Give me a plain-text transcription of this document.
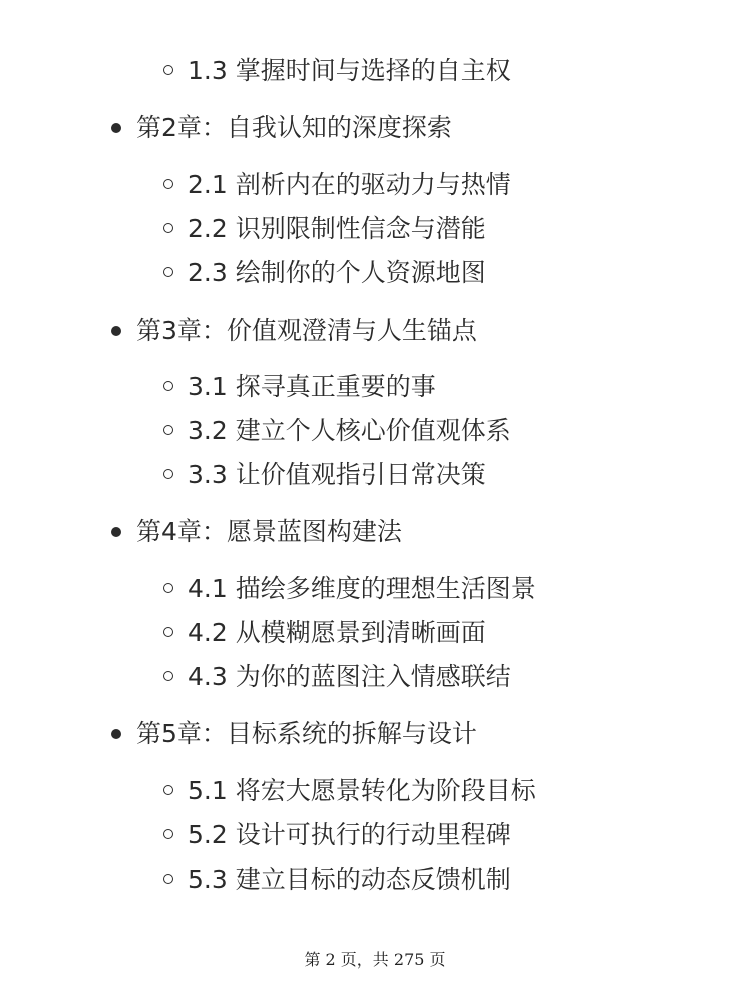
1.3 掌握时间与选择的自主权
第2章：自我认知的深度探索
2.1 剖析内在的驱动力与热情
2.2 识别限制性信念与潜能
2.3 绘制你的个人资源地图
第3章：价值观澄清与人生锚点
3.1 探寻真正重要的事
3.2 建立个人核心价值观体系
3.3 让价值观指引日常决策
第4章：愿景蓝图构建法
4.1 描绘多维度的理想生活图景
4.2 从模糊愿景到清晰画面
4.3 为你的蓝图注入情感联结
第5章：目标系统的拆解与设计
5.1 将宏大愿景转化为阶段目标
5.2 设计可执行的行动里程碑
5.3 建立目标的动态反馈机制
第 2 页，共 275 页
